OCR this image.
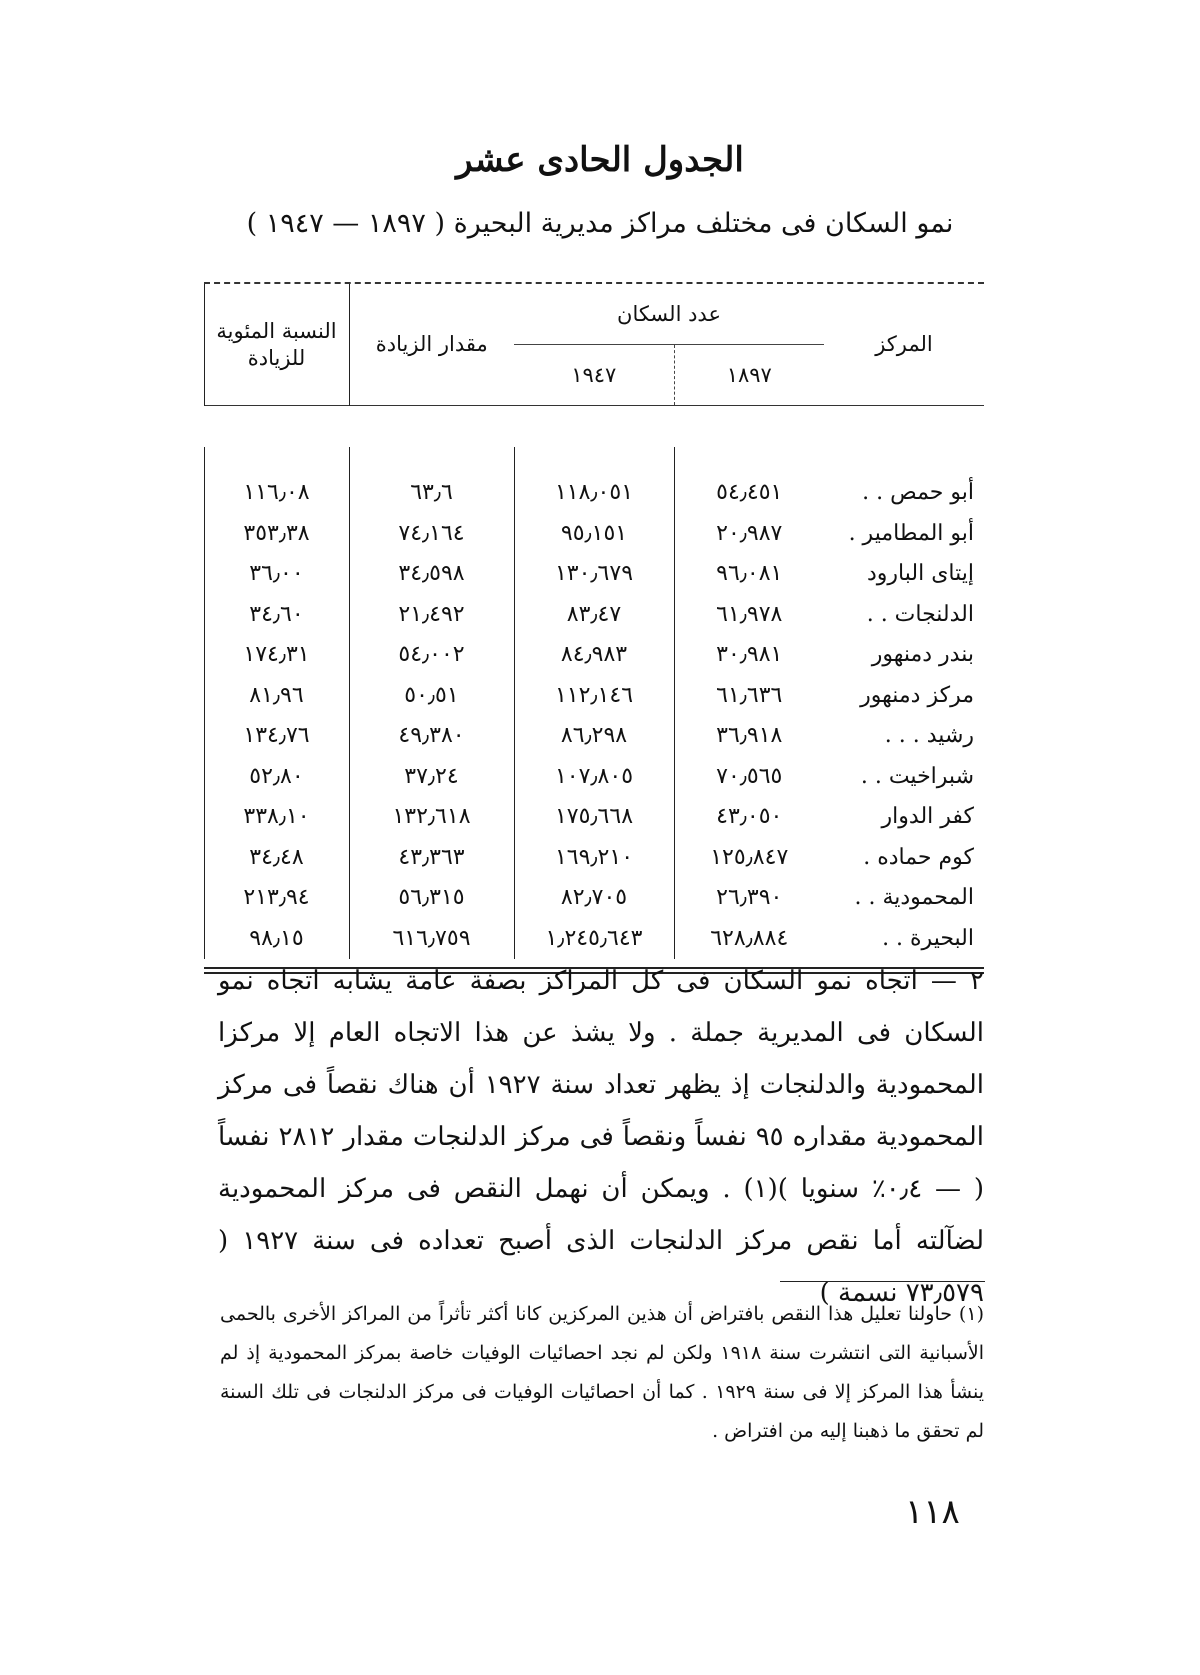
الجدول الحادى عشر
نمو السكان فى مختلف مراكز مديرية البحيرة ( ١٨٩٧ — ١٩٤٧ )
المركز	عدد السكان		مقدار الزيادة	النسبة المئوية للزيادة
	١٨٩٧	١٩٤٧		

أبو حمص . .	٥٤٫٤٥١	١١٨٫٠٥١	٦٣٫٦	١١٦٫٠٨
أبو المطامير .	٢٠٫٩٨٧	٩٥٫١٥١	٧٤٫١٦٤	٣٥٣٫٣٨
إيتاى البارود	٩٦٫٠٨١	١٣٠٫٦٧٩	٣٤٫٥٩٨	٣٦٫٠٠
الدلنجات . .	٦١٫٩٧٨	٨٣٫٤٧	٢١٫٤٩٢	٣٤٫٦٠
بندر دمنهور	٣٠٫٩٨١	٨٤٫٩٨٣	٥٤٫٠٠٢	١٧٤٫٣١
مركز دمنهور	٦١٫٦٣٦	١١٢٫١٤٦	٥٠٫٥١	٨١٫٩٦
رشيد . . .	٣٦٫٩١٨	٨٦٫٢٩٨	٤٩٫٣٨٠	١٣٤٫٧٦
شبراخيت . .	٧٠٫٥٦٥	١٠٧٫٨٠٥	٣٧٫٢٤	٥٢٫٨٠
كفر الدوار	٤٣٫٠٥٠	١٧٥٫٦٦٨	١٣٢٫٦١٨	٣٣٨٫١٠
كوم حماده .	١٢٥٫٨٤٧	١٦٩٫٢١٠	٤٣٫٣٦٣	٣٤٫٤٨
المحمودية . .	٢٦٫٣٩٠	٨٢٫٧٠٥	٥٦٫٣١٥	٢١٣٫٩٤
البحيرة . .	٦٢٨٫٨٨٤	١٫٢٤٥٫٦٤٣	٦١٦٫٧٥٩	٩٨٫١٥

٢ — اتجاه نمو السكان فى كل المراكز بصفة عامة يشابه اتجاه نمو السكان فى المديرية جملة . ولا يشذ عن هذا الاتجاه العام إلا مركزا المحمودية والدلنجات إذ يظهر تعداد سنة ١٩٢٧ أن هناك نقصاً فى مركز المحمودية مقداره ٩٥ نفساً ونقصاً فى مركز الدلنجات مقدار ٢٨١٢ نفساً ( — ٠٫٤٪ سنويا )(١) . ويمكن أن نهمل النقص فى مركز المحمودية لضآلته أما نقص مركز الدلنجات الذى أصبح تعداده فى سنة ١٩٢٧ ( ٧٣٫٥٧٩ نسمة )

(١) حاولنا تعليل هذا النقص بافتراض أن هذين المركزين كانا أكثر تأثراً من المراكز الأخرى بالحمى الأسبانية التى انتشرت سنة ١٩١٨ ولكن لم نجد احصائيات الوفيات خاصة بمركز المحمودية إذ لم ينشأ هذا المركز إلا فى سنة ١٩٢٩ . كما أن احصائيات الوفيات فى مركز الدلنجات فى تلك السنة لم تحقق ما ذهبنا إليه من افتراض .

١١٨
